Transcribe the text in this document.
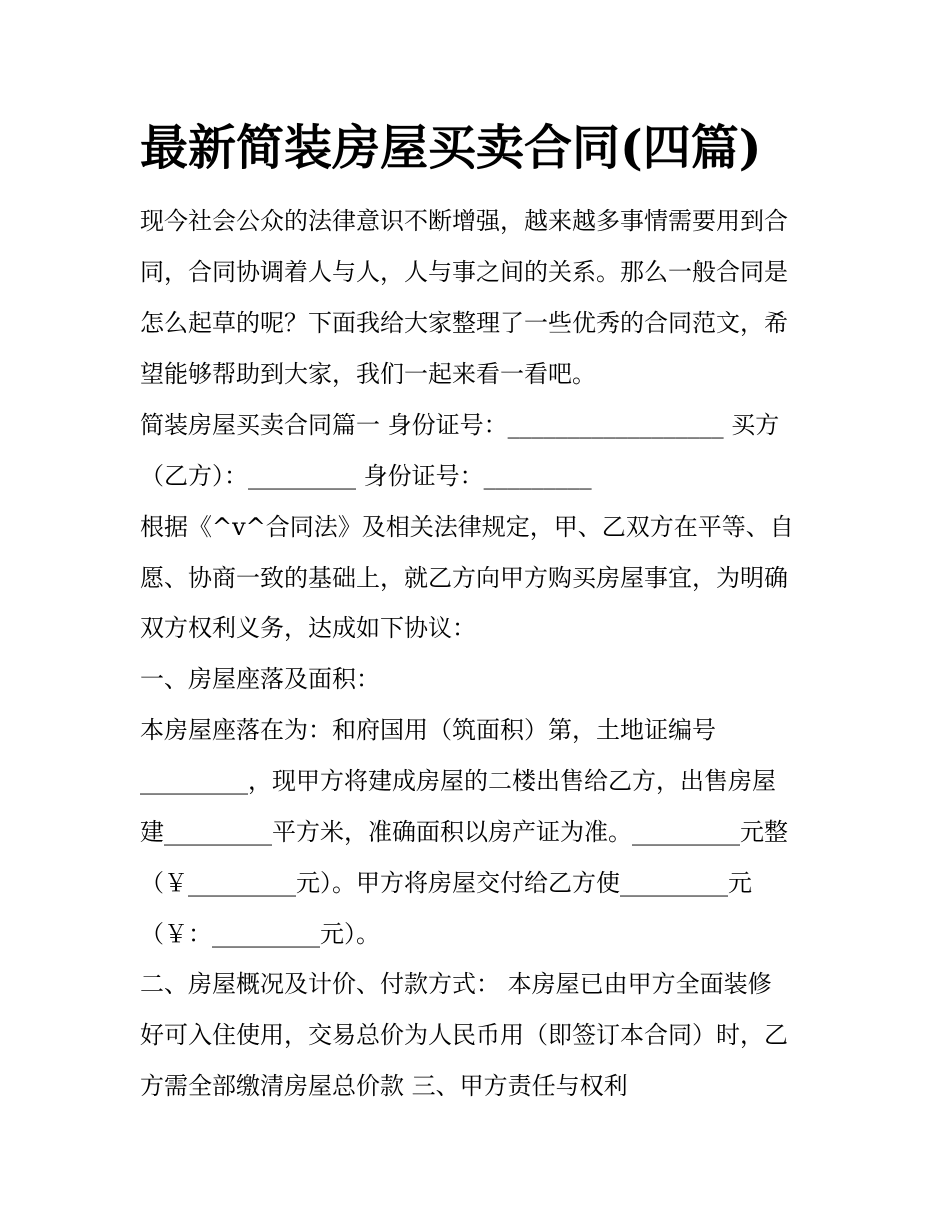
最新简装房屋买卖合同(四篇)

现今社会公众的法律意识不断增强，越来越多事情需要用到合

同，合同协调着人与人，人与事之间的关系。那么一般合同是

怎么起草的呢？下面我给大家整理了一些优秀的合同范文，希

望能够帮助到大家，我们一起来看一看吧。

简装房屋买卖合同篇一 身份证号：__________________ 买方

（乙方）：_________ 身份证号：_________

根据《^v^合同法》及相关法律规定，甲、乙双方在平等、自

愿、协商一致的基础上，就乙方向甲方购买房屋事宜，为明确

双方权利义务，达成如下协议：

一、房屋座落及面积：

本房屋座落在为：和府国用（筑面积）第，土地证编号

_________，现甲方将建成房屋的二楼出售给乙方，出售房屋

建_________平方米，准确面积以房产证为准。_________元整

（￥_________元）。甲方将房屋交付给乙方使_________元

（￥：_________元）。

二、房屋概况及计价、付款方式： 本房屋已由甲方全面装修

好可入住使用，交易总价为人民币用（即签订本合同）时，乙

方需全部缴清房屋总价款 三、甲方责任与权利
